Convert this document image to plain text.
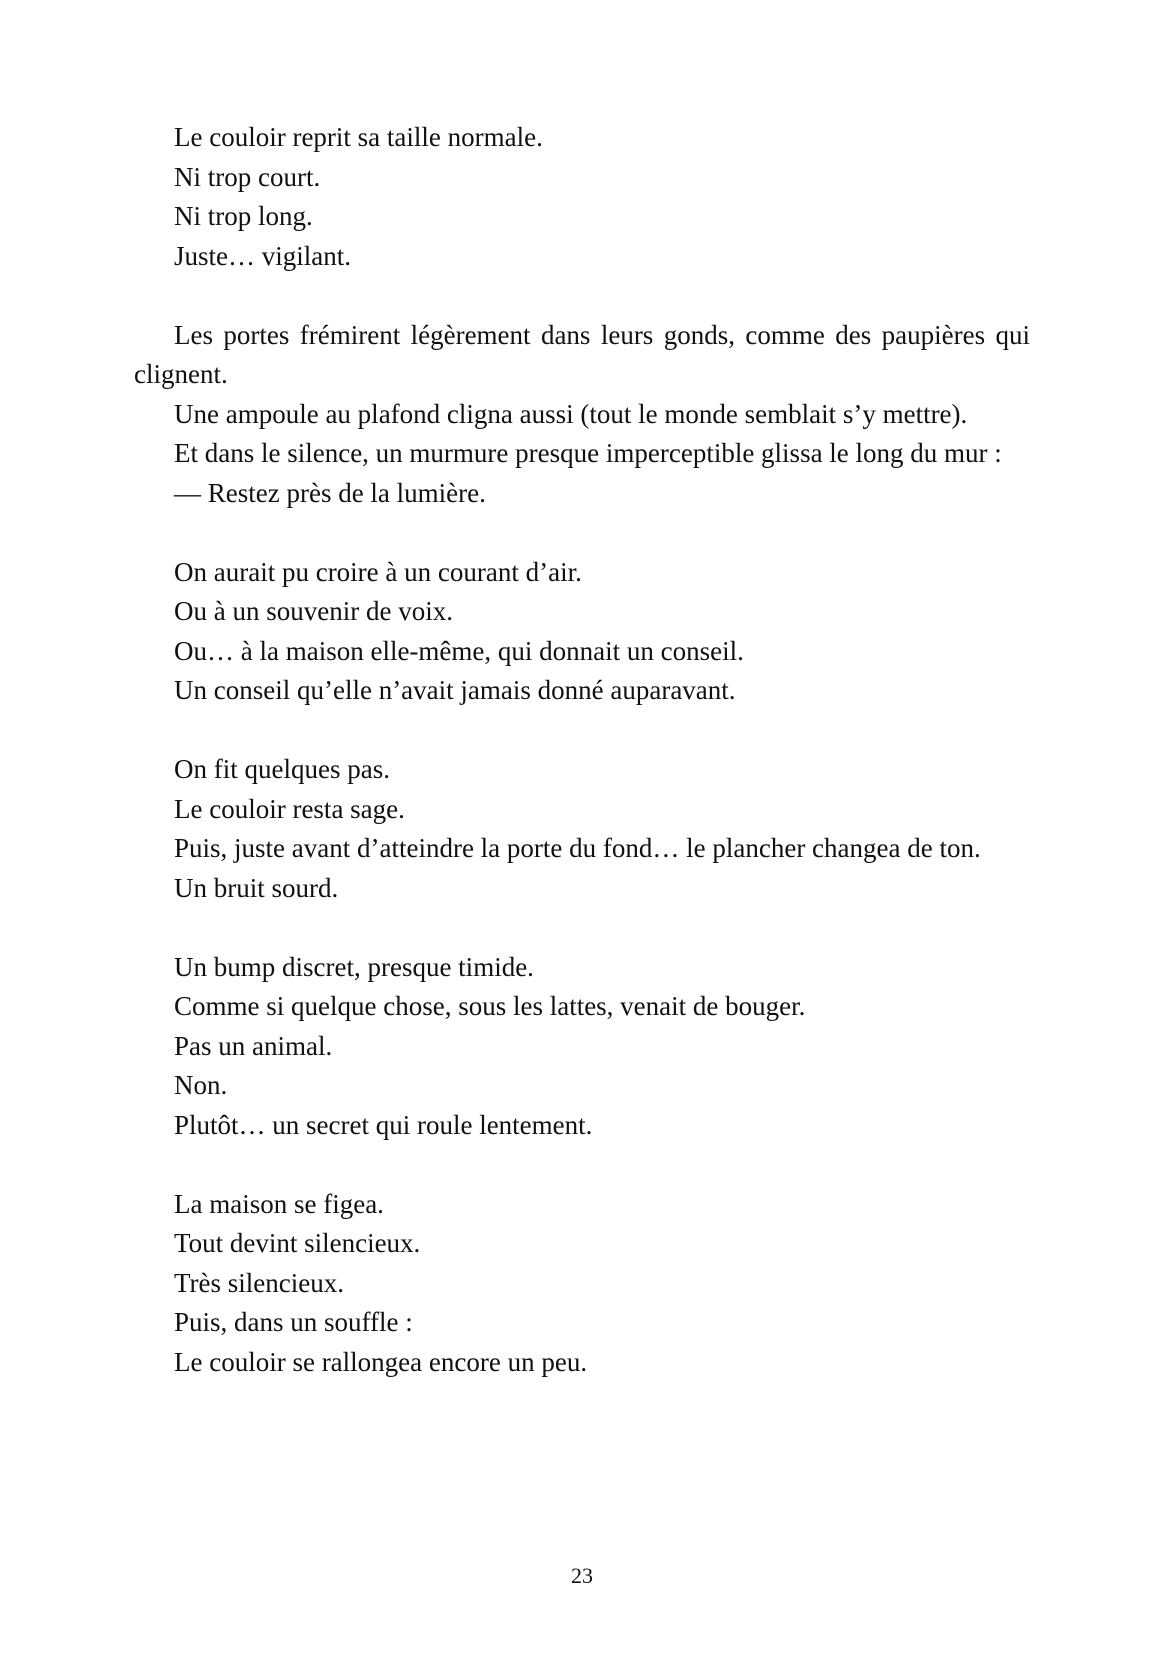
Le couloir reprit sa taille normale.

Ni trop court.

Ni trop long.

Juste… vigilant.

Les portes frémirent légèrement dans leurs gonds, comme des paupières qui clignent.

Une ampoule au plafond cligna aussi (tout le monde semblait s’y mettre).

Et dans le silence, un murmure presque imperceptible glissa le long du mur :

— Restez près de la lumière.

On aurait pu croire à un courant d’air.

Ou à un souvenir de voix.

Ou… à la maison elle-même, qui donnait un conseil.

Un conseil qu’elle n’avait jamais donné auparavant.

On fit quelques pas.

Le couloir resta sage.

Puis, juste avant d’atteindre la porte du fond… le plancher changea de ton.

Un bruit sourd.

Un bump discret, presque timide.

Comme si quelque chose, sous les lattes, venait de bouger.

Pas un animal.

Non.

Plutôt… un secret qui roule lentement.

La maison se figea.

Tout devint silencieux.

Très silencieux.

Puis, dans un souffle :

Le couloir se rallongea encore un peu.

23
